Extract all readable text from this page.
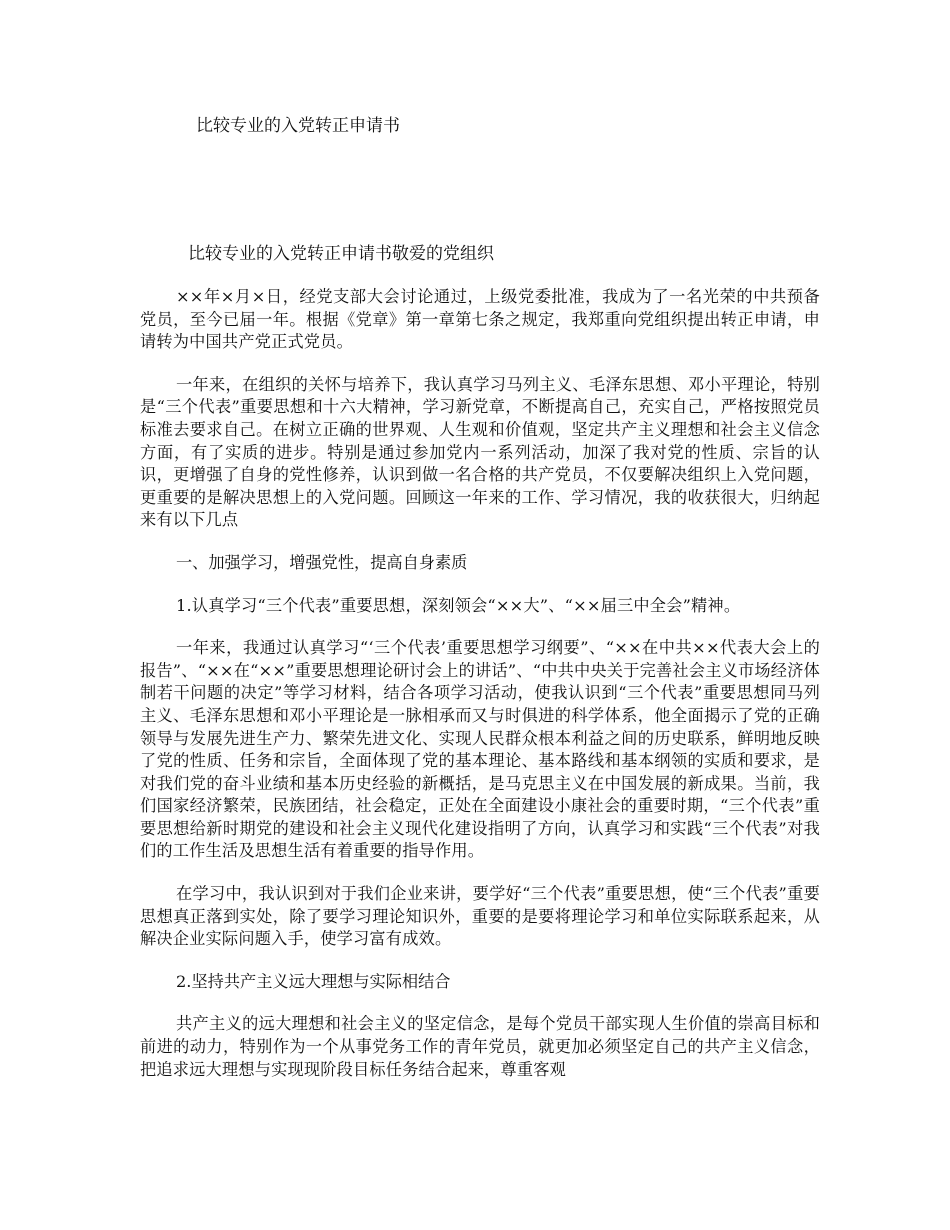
比较专业的入党转正申请书

比较专业的入党转正申请书敬爱的党组织

××年×月×日，经党支部大会讨论通过，上级党委批准，我成为了一名光荣的中共预备党员，至今已届一年。根据《党章》第一章第七条之规定，我郑重向党组织提出转正申请，申请转为中国共产党正式党员。

一年来，在组织的关怀与培养下，我认真学习马列主义、毛泽东思想、邓小平理论，特别是“三个代表”重要思想和十六大精神，学习新党章，不断提高自己，充实自己，严格按照党员标准去要求自己。在树立正确的世界观、人生观和价值观，坚定共产主义理想和社会主义信念方面，有了实质的进步。特别是通过参加党内一系列活动，加深了我对党的性质、宗旨的认识，更增强了自身的党性修养，认识到做一名合格的共产党员，不仅要解决组织上入党问题，更重要的是解决思想上的入党问题。回顾这一年来的工作、学习情况，我的收获很大，归纳起来有以下几点

一、加强学习，增强党性，提高自身素质

1.认真学习“三个代表”重要思想，深刻领会“××大”、“××届三中全会”精神。

一年来，我通过认真学习“‘三个代表’重要思想学习纲要”、“××在中共××代表大会上的报告”、“××在“××”重要思想理论研讨会上的讲话”、“中共中央关于完善社会主义市场经济体制若干问题的决定”等学习材料，结合各项学习活动，使我认识到“三个代表”重要思想同马列主义、毛泽东思想和邓小平理论是一脉相承而又与时俱进的科学体系，他全面揭示了党的正确领导与发展先进生产力、繁荣先进文化、实现人民群众根本利益之间的历史联系，鲜明地反映了党的性质、任务和宗旨，全面体现了党的基本理论、基本路线和基本纲领的实质和要求，是对我们党的奋斗业绩和基本历史经验的新概括，是马克思主义在中国发展的新成果。当前，我们国家经济繁荣，民族团结，社会稳定，正处在全面建设小康社会的重要时期，“三个代表”重要思想给新时期党的建设和社会主义现代化建设指明了方向，认真学习和实践“三个代表”对我们的工作生活及思想生活有着重要的指导作用。

在学习中，我认识到对于我们企业来讲，要学好“三个代表”重要思想，使“三个代表”重要思想真正落到实处，除了要学习理论知识外，重要的是要将理论学习和单位实际联系起来，从解决企业实际问题入手，使学习富有成效。

2.坚持共产主义远大理想与实际相结合

共产主义的远大理想和社会主义的坚定信念，是每个党员干部实现人生价值的崇高目标和前进的动力，特别作为一个从事党务工作的青年党员，就更加必须坚定自己的共产主义信念，把追求远大理想与实现现阶段目标任务结合起来，尊重客观
